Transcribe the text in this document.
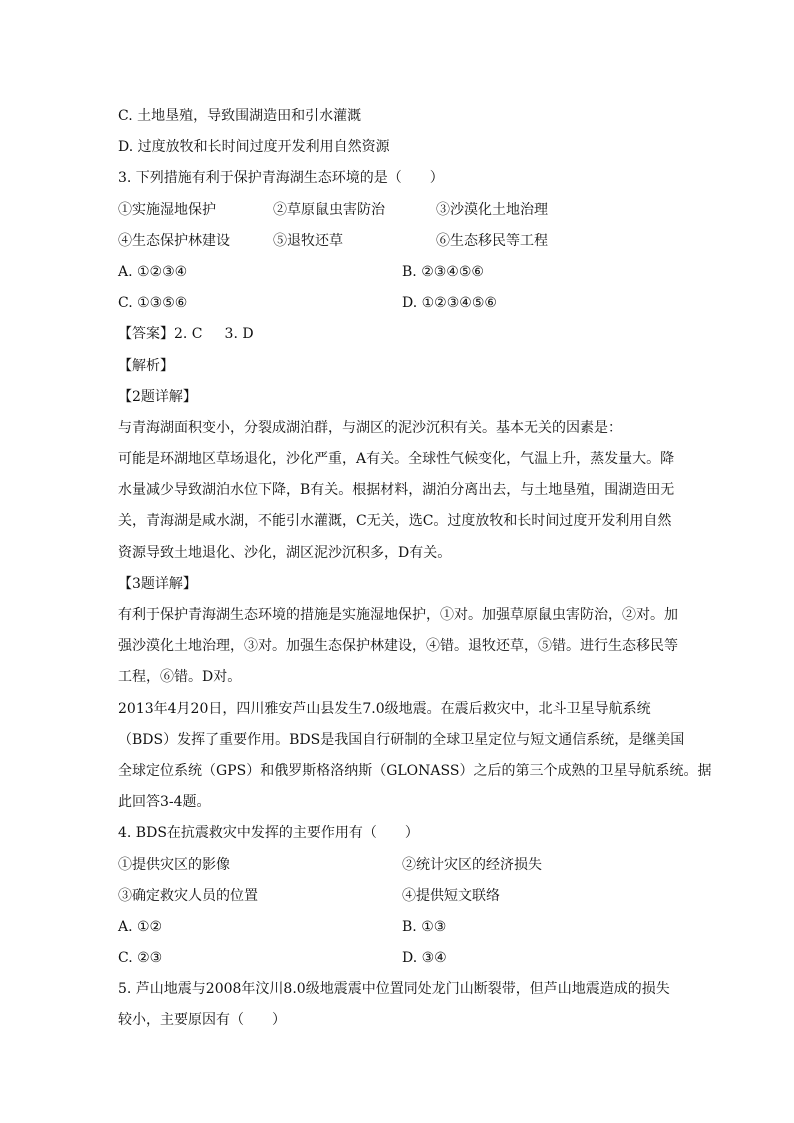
C. 土地垦殖，导致围湖造田和引水灌溉
D. 过度放牧和长时间过度开发利用自然资源
3. 下列措施有利于保护青海湖生态环境的是（　　）
①实施湿地保护	②草原鼠虫害防治	③沙漠化土地治理
④生态保护林建设	⑤退牧还草	⑥生态移民等工程
A. ①②③④	B. ②③④⑤⑥
C. ①③⑤⑥	D. ①②③④⑤⑥
【答案】2. C 3. D
【解析】
【2题详解】
与青海湖面积变小，分裂成湖泊群，与湖区的泥沙沉积有关。基本无关的因素是：
可能是环湖地区草场退化，沙化严重，A有关。全球性气候变化，气温上升，蒸发量大。降
水量减少导致湖泊水位下降，B有关。根据材料，湖泊分离出去，与土地垦殖，围湖造田无
关，青海湖是咸水湖，不能引水灌溉，C无关，选C。过度放牧和长时间过度开发利用自然
资源导致土地退化、沙化，湖区泥沙沉积多，D有关。
【3题详解】
有利于保护青海湖生态环境的措施是实施湿地保护，①对。加强草原鼠虫害防治，②对。加
强沙漠化土地治理，③对。加强生态保护林建设，④错。退牧还草，⑤错。进行生态移民等
工程，⑥错。D对。
2013年4月20日，四川雅安芦山县发生7.0级地震。在震后救灾中，北斗卫星导航系统
（BDS）发挥了重要作用。BDS是我国自行研制的全球卫星定位与短文通信系统，是继美国
全球定位系统（GPS）和俄罗斯格洛纳斯（GLONASS）之后的第三个成熟的卫星导航系统。据
此回答3-4题。
4. BDS在抗震救灾中发挥的主要作用有（　　）
①提供灾区的影像	②统计灾区的经济损失
③确定救灾人员的位置	④提供短文联络
A. ①②	B. ①③
C. ②③	D. ③④
5. 芦山地震与2008年汶川8.0级地震震中位置同处龙门山断裂带，但芦山地震造成的损失
较小，主要原因有（　　）
